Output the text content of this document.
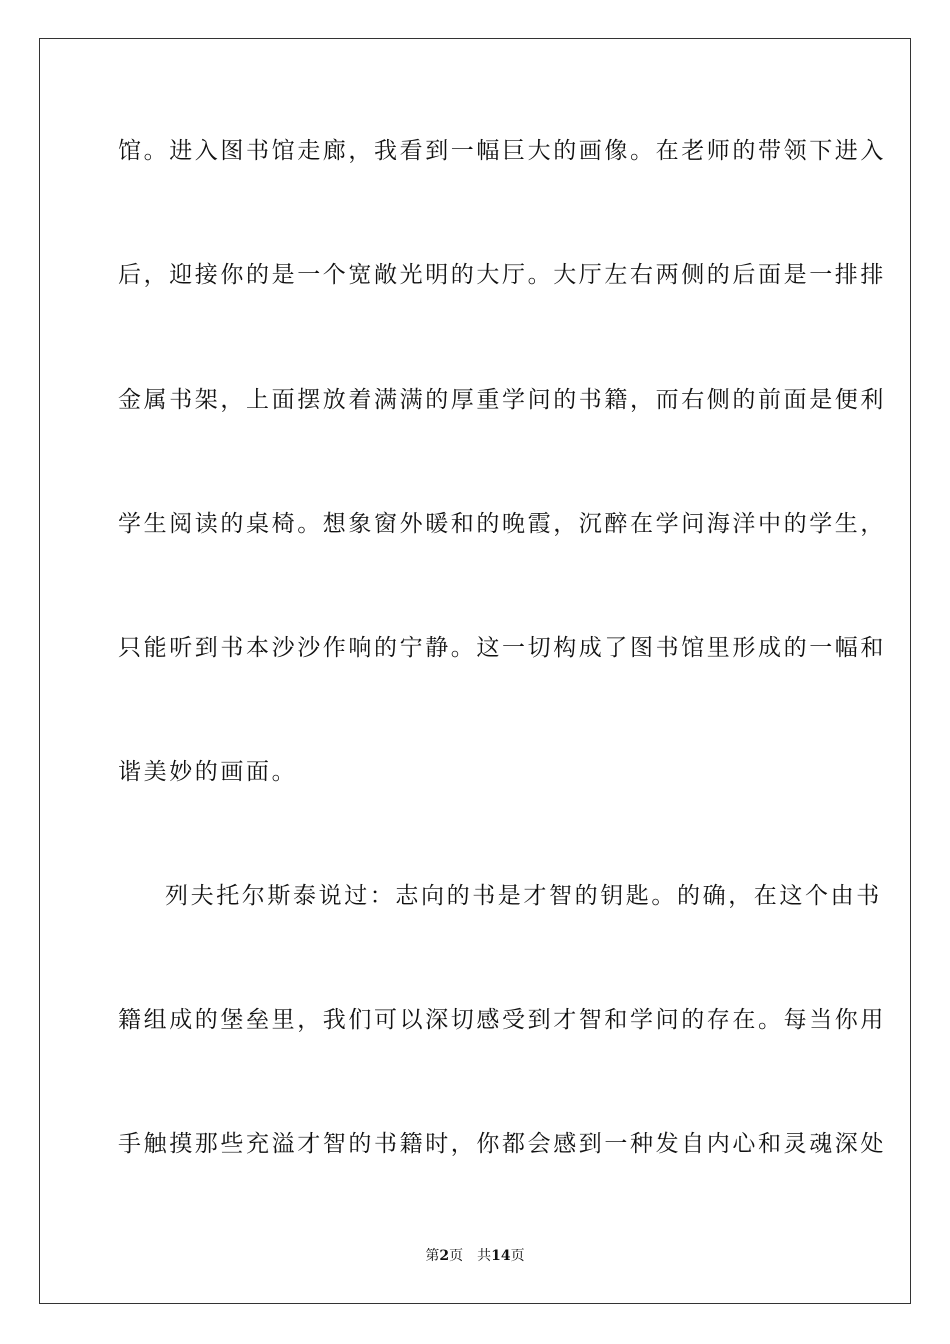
馆。进入图书馆走廊，我看到一幅巨大的画像。在老师的带领下进入
后，迎接你的是一个宽敞光明的大厅。大厅左右两侧的后面是一排排
金属书架，上面摆放着满满的厚重学问的书籍，而右侧的前面是便利
学生阅读的桌椅。想象窗外暖和的晚霞，沉醉在学问海洋中的学生，
只能听到书本沙沙作响的宁静。这一切构成了图书馆里形成的一幅和
谐美妙的画面。
列夫托尔斯泰说过：志向的书是才智的钥匙。的确，在这个由书
籍组成的堡垒里，我们可以深切感受到才智和学问的存在。每当你用
手触摸那些充溢才智的书籍时，你都会感到一种发自内心和灵魂深处
第2页 共14页
